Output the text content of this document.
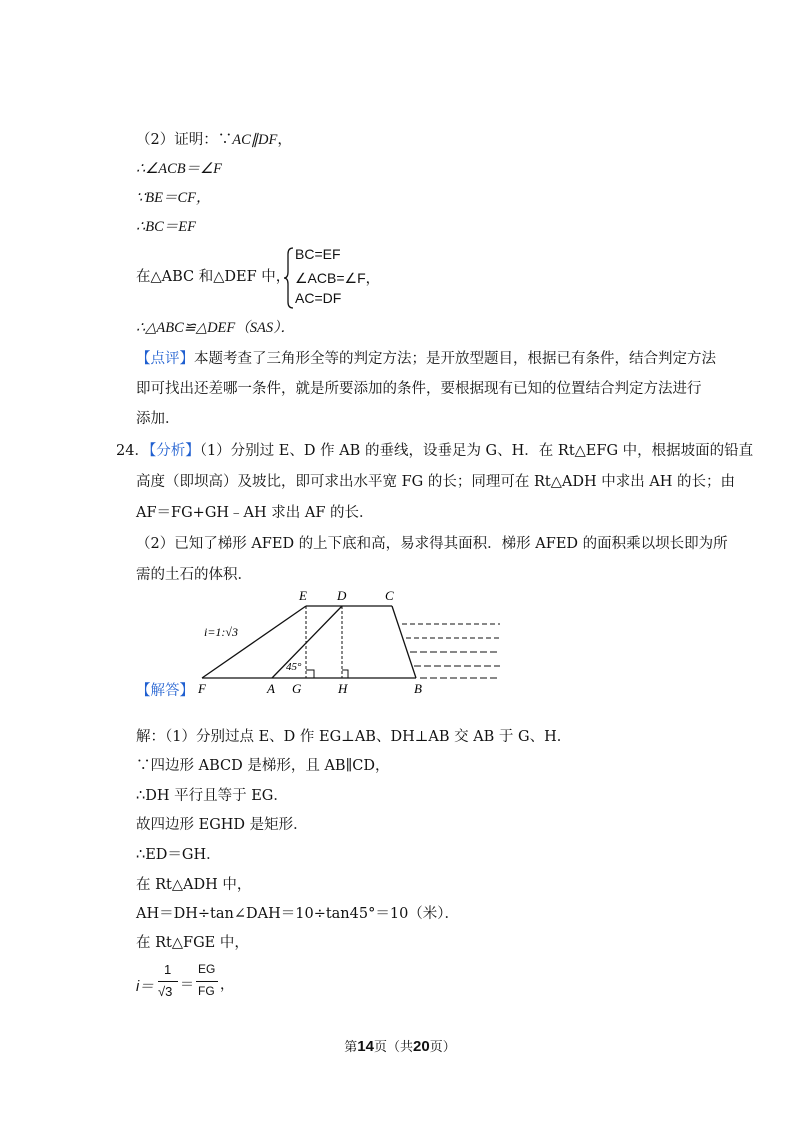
（2）证明：∵AC∥DF，
∴∠ACB＝∠F
∵BE＝CF，
∴BC＝EF
在△ABC 和△DEF 中，
BC=EF
∠ACB=∠F，
AC=DF
∴△ABC≌△DEF（SAS）．
【点评】本题考查了三角形全等的判定方法；是开放型题目，根据已有条件，结合判定方法
即可找出还差哪一条件，就是所要添加的条件，要根据现有已知的位置结合判定方法进行
添加．
24．【分析】（1）分别过 E、D 作 AB 的垂线，设垂足为 G、H．在 Rt△EFG 中，根据坡面的铅直
高度（即坝高）及坡比，即可求出水平宽 FG 的长；同理可在 Rt△ADH 中求出 AH 的长；由
AF＝FG+GH﹣AH 求出 AF 的长．
（2）已知了梯形 AFED 的上下底和高，易求得其面积．梯形 AFED 的面积乘以坝长即为所
需的土石的体积．
E D	C
F	A G	H	B
i=1:√3
45°
【解答】
解：（1）分别过点 E、D 作 EG⊥AB、DH⊥AB 交 AB 于 G、H．
∵四边形 ABCD 是梯形，且 AB∥CD，
∴DH 平行且等于 EG．
故四边形 EGHD 是矩形．
∴ED＝GH．
在 Rt△ADH 中，
AH＝DH÷tan∠DAH＝10÷tan45°＝10（米）．
在 Rt△FGE 中，
i＝
1
√3 ＝
EG
FG ，
第14页（共20页）
